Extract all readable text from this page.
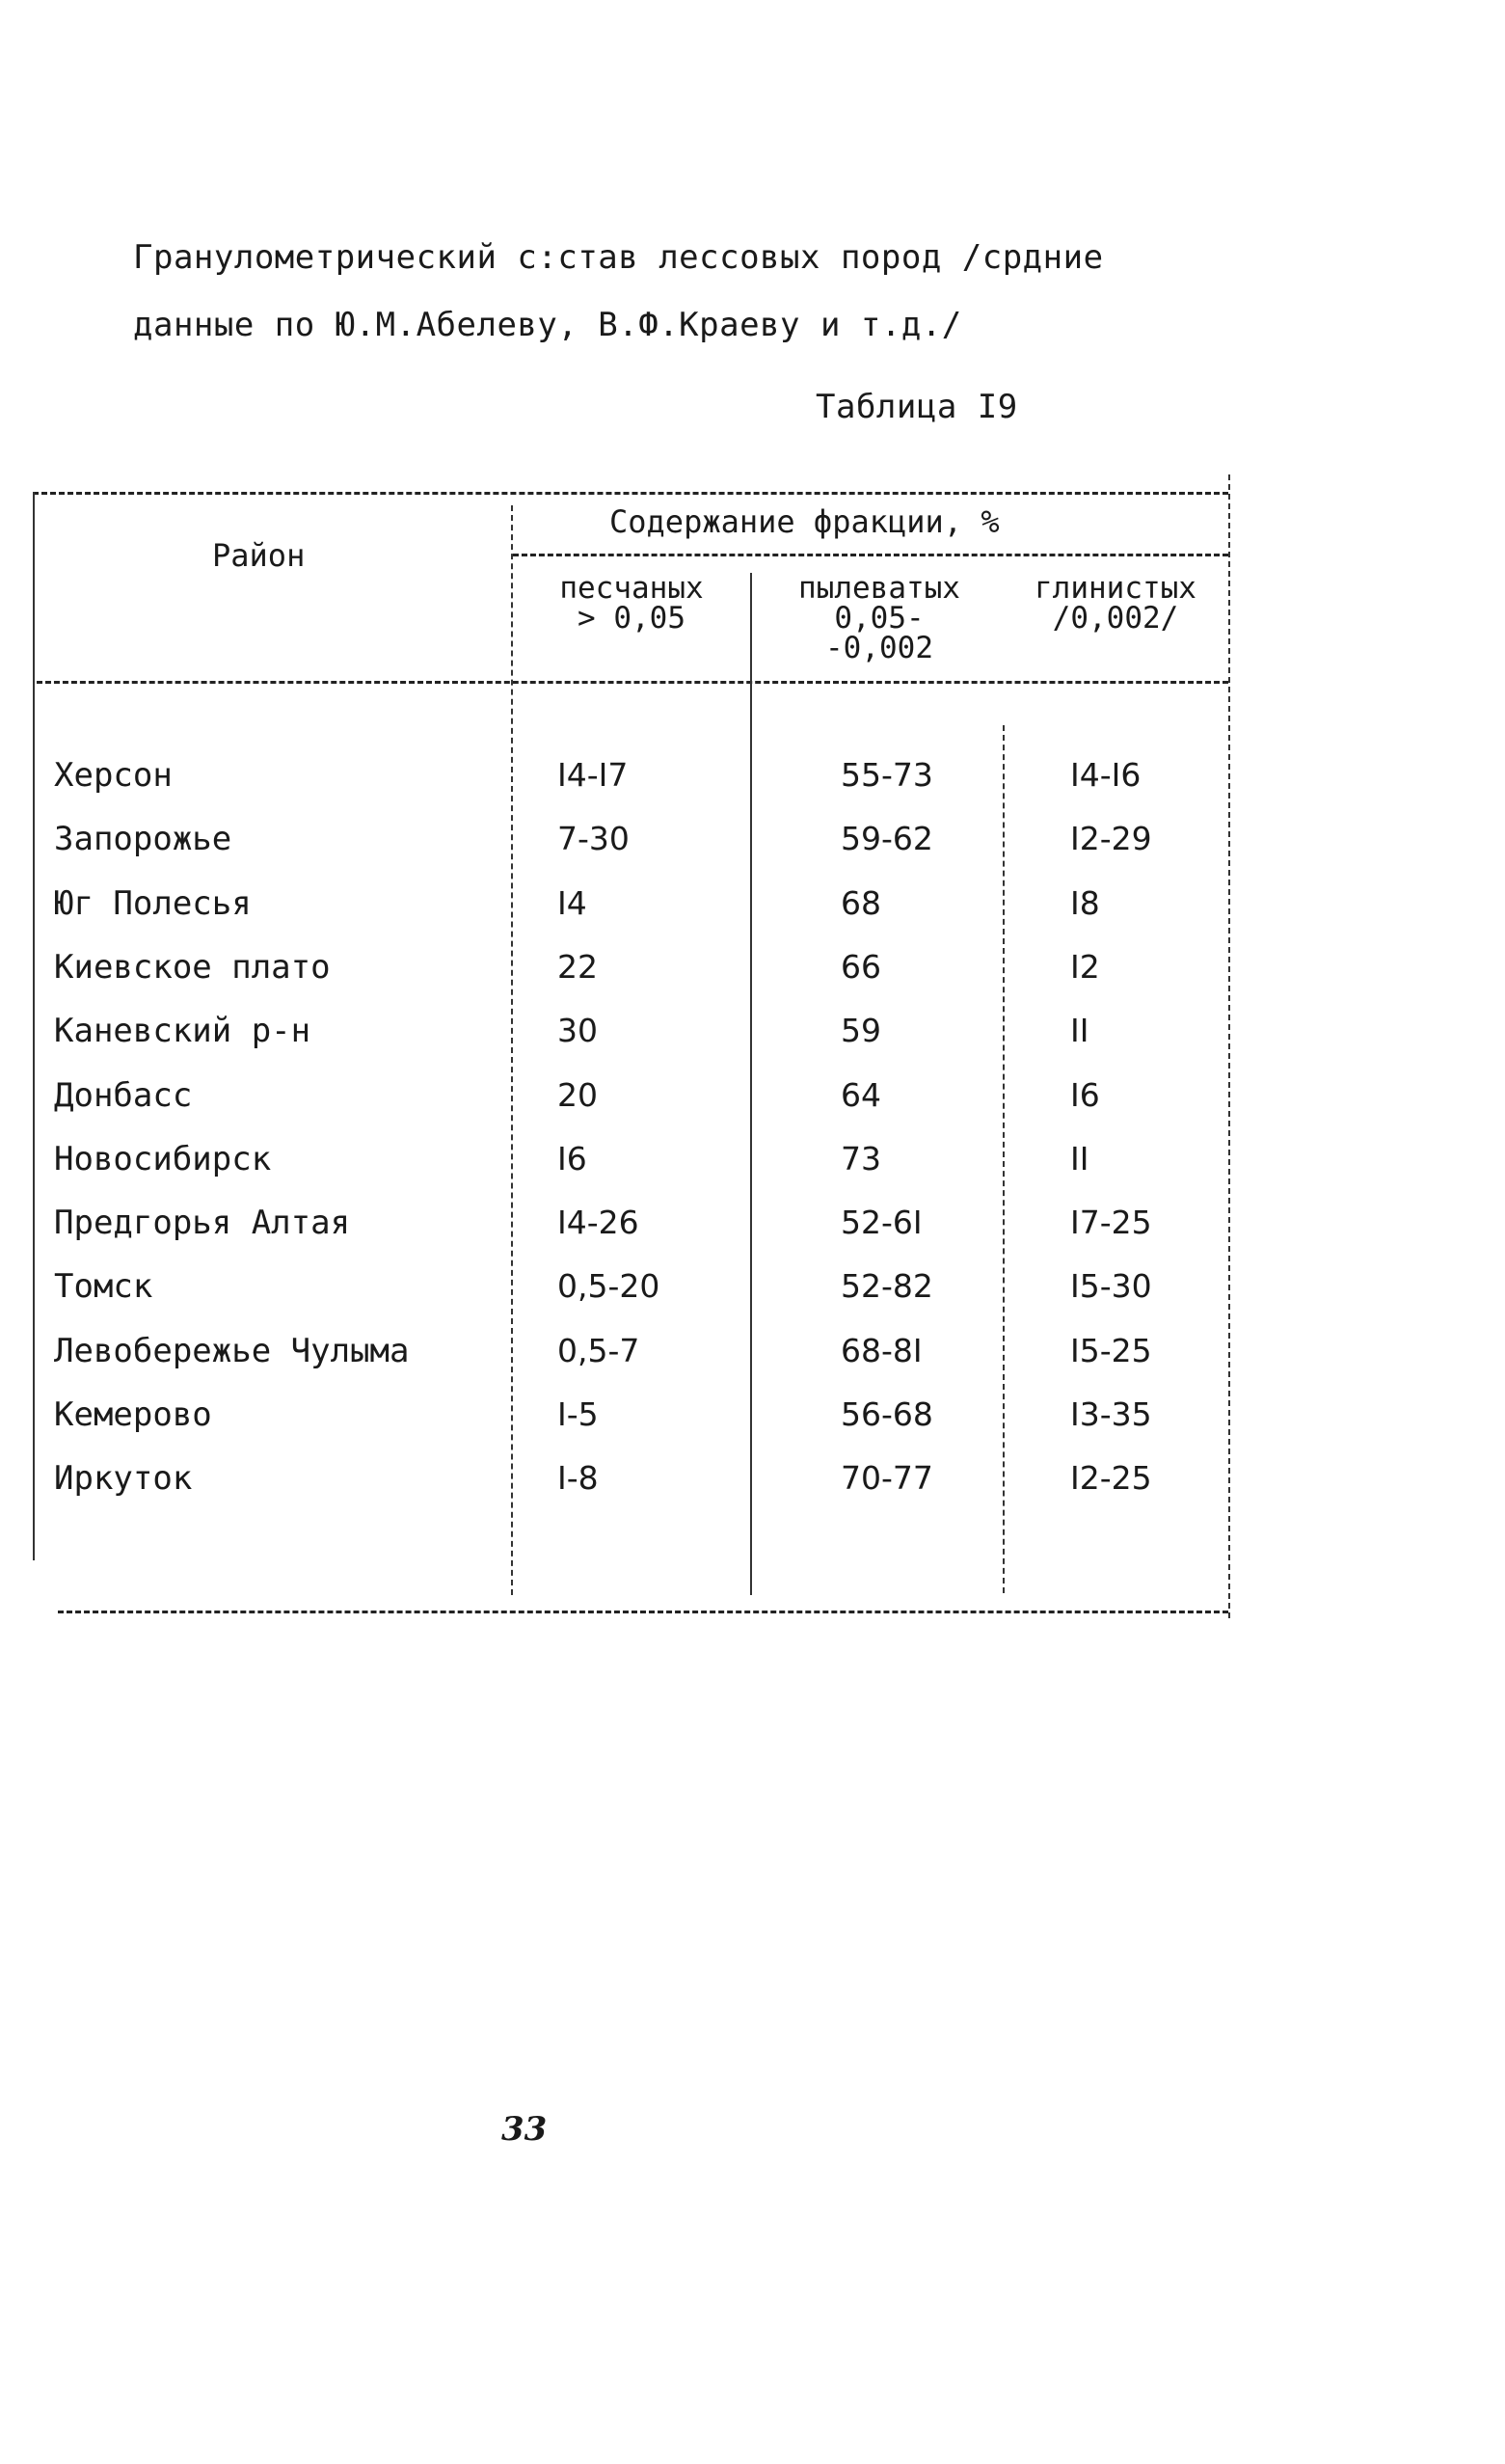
Гранулометрический с:став лессовых пород /срдние
данные по Ю.М.Абелеву, В.Ф.Краеву и т.д./
Таблица I9
Район
Содержание фракции, %
песчаных
> 0,05
пылеватых
0,05-
-0,002
глинистых
/0,002/
Херсон	I4-I7	55-73	I4-I6
Запорожье	7-30	59-62	I2-29
Юг Полесья	I4	68	I8
Киевское плато	22	66	I2
Каневский р-н	30	59	II
Донбасс	20	64	I6
Новосибирск	I6	73	II
Предгорья Алтая	I4-26	52-6I	I7-25
Томск	0,5-20	52-82	I5-30
Левобережье Чулыма	0,5-7	68-8I	I5-25
Кемерово	I-5	56-68	I3-35
Иркуток	I-8	70-77	I2-25
33
